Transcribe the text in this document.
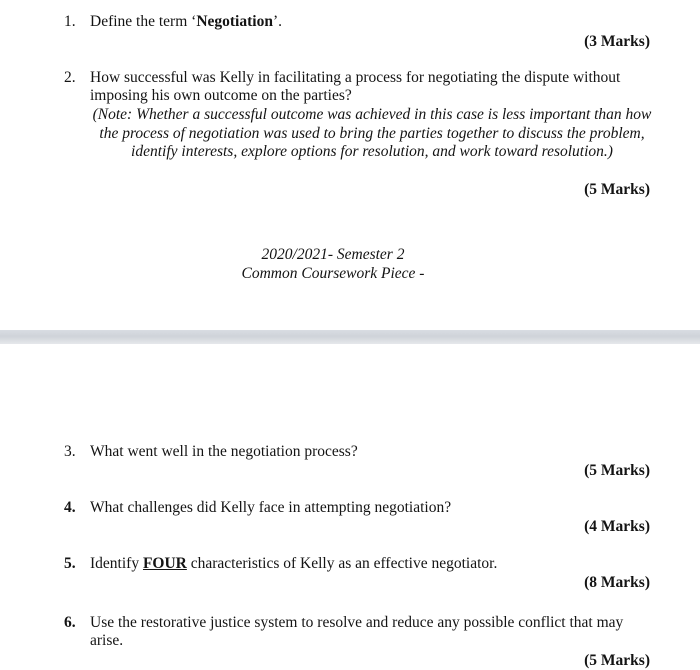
1. Define the term ‘Negotiation’.
(3 Marks)
2. How successful was Kelly in facilitating a process for negotiating the dispute without imposing his own outcome on the parties?
(Note: Whether a successful outcome was achieved in this case is less important than how the process of negotiation was used to bring the parties together to discuss the problem, identify interests, explore options for resolution, and work toward resolution.)
(5 Marks)
2020/2021- Semester 2
Common Coursework Piece -
3. What went well in the negotiation process?
(5 Marks)
4. What challenges did Kelly face in attempting negotiation?
(4 Marks)
5. Identify FOUR characteristics of Kelly as an effective negotiator.
(8 Marks)
6. Use the restorative justice system to resolve and reduce any possible conflict that may arise.
(5 Marks)
